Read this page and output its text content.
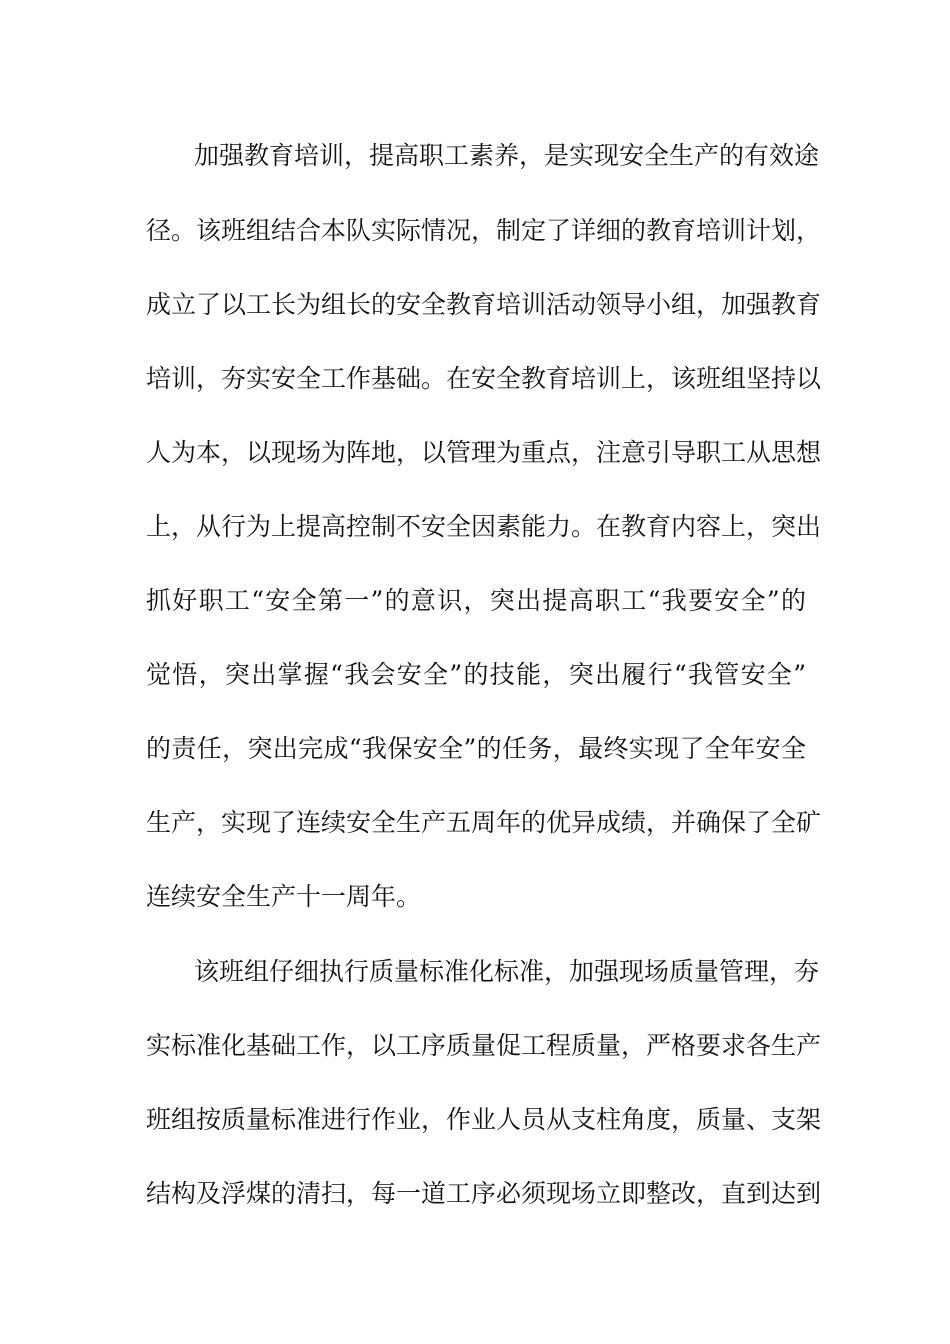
加强教育培训，提高职工素养，是实现安全生产的有效途
径。该班组结合本队实际情况，制定了详细的教育培训计划，
成立了以工长为组长的安全教育培训活动领导小组，加强教育
培训，夯实安全工作基础。在安全教育培训上，该班组坚持以
人为本，以现场为阵地，以管理为重点，注意引导职工从思想
上，从行为上提高控制不安全因素能力。在教育内容上，突出
抓好职工“安全第一”的意识，突出提高职工“我要安全”的
觉悟，突出掌握“我会安全”的技能，突出履行“我管安全”
的责任，突出完成“我保安全”的任务，最终实现了全年安全
生产，实现了连续安全生产五周年的优异成绩，并确保了全矿
连续安全生产十一周年。
该班组仔细执行质量标准化标准，加强现场质量管理，夯
实标准化基础工作，以工序质量促工程质量，严格要求各生产
班组按质量标准进行作业，作业人员从支柱角度，质量、支架
结构及浮煤的清扫，每一道工序必须现场立即整改，直到达到
